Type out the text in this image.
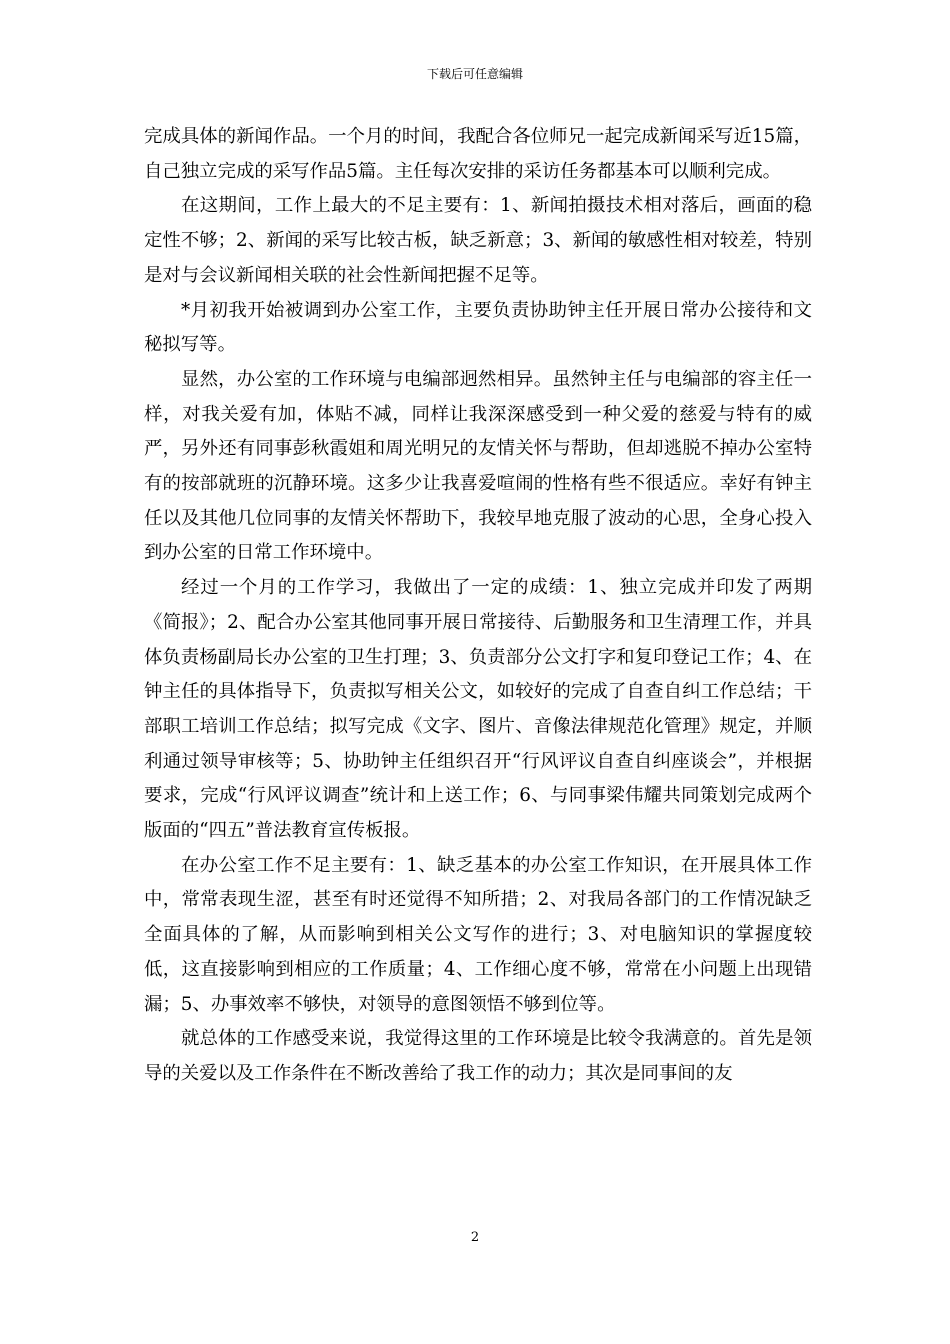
下载后可任意编辑

完成具体的新闻作品。一个月的时间，我配合各位师兄一起完成新闻采写近15篇，自己独立完成的采写作品5篇。主任每次安排的采访任务都基本可以顺利完成。

在这期间，工作上最大的不足主要有：1、新闻拍摄技术相对落后，画面的稳定性不够；2、新闻的采写比较古板，缺乏新意；3、新闻的敏感性相对较差，特别是对与会议新闻相关联的社会性新闻把握不足等。

*月初我开始被调到办公室工作，主要负责协助钟主任开展日常办公接待和文秘拟写等。

显然，办公室的工作环境与电编部迥然相异。虽然钟主任与电编部的容主任一样，对我关爱有加，体贴不减，同样让我深深感受到一种父爱的慈爱与特有的威严，另外还有同事彭秋霞姐和周光明兄的友情关怀与帮助，但却逃脱不掉办公室特有的按部就班的沉静环境。这多少让我喜爱喧闹的性格有些不很适应。幸好有钟主任以及其他几位同事的友情关怀帮助下，我较早地克服了波动的心思，全身心投入到办公室的日常工作环境中。

经过一个月的工作学习，我做出了一定的成绩：1、独立完成并印发了两期《简报》；2、配合办公室其他同事开展日常接待、后勤服务和卫生清理工作，并具体负责杨副局长办公室的卫生打理；3、负责部分公文打字和复印登记工作；4、在钟主任的具体指导下，负责拟写相关公文，如较好的完成了自查自纠工作总结；干部职工培训工作总结；拟写完成《文字、图片、音像法律规范化管理》规定，并顺利通过领导审核等；5、协助钟主任组织召开“行风评议自查自纠座谈会”，并根据要求，完成“行风评议调查”统计和上送工作；6、与同事梁伟耀共同策划完成两个版面的“四五”普法教育宣传板报。

在办公室工作不足主要有：1、缺乏基本的办公室工作知识，在开展具体工作中，常常表现生涩，甚至有时还觉得不知所措；2、对我局各部门的工作情况缺乏全面具体的了解，从而影响到相关公文写作的进行；3、对电脑知识的掌握度较低，这直接影响到相应的工作质量；4、工作细心度不够，常常在小问题上出现错漏；5、办事效率不够快，对领导的意图领悟不够到位等。

就总体的工作感受来说，我觉得这里的工作环境是比较令我满意的。首先是领导的关爱以及工作条件在不断改善给了我工作的动力；其次是同事间的友

2
